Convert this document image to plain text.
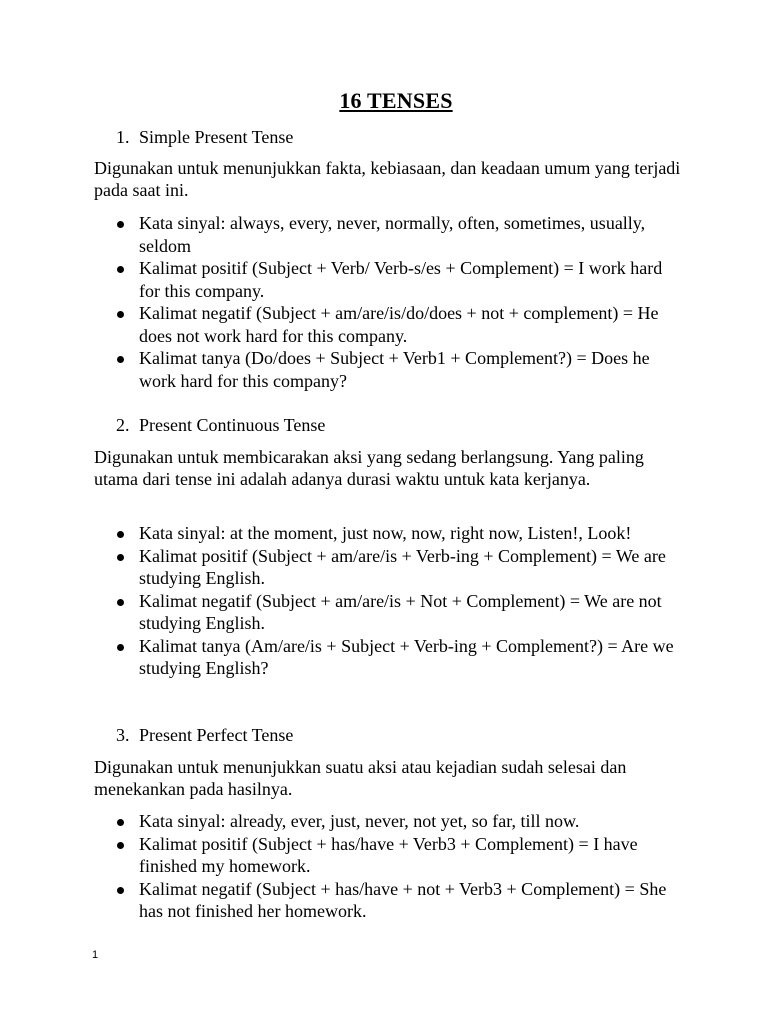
16 TENSES
1. Simple Present Tense
Digunakan untuk menunjukkan fakta, kebiasaan, dan keadaan umum yang terjadi pada saat ini.
Kata sinyal: always, every, never, normally, often, sometimes, usually, seldom
Kalimat positif (Subject + Verb/ Verb-s/es + Complement) = I work hard for this company.
Kalimat negatif (Subject + am/are/is/do/does + not + complement) = He does not work hard for this company.
Kalimat tanya (Do/does + Subject + Verb1 + Complement?) = Does he work hard for this company?
2. Present Continuous Tense
Digunakan untuk membicarakan aksi yang sedang berlangsung. Yang paling utama dari tense ini adalah adanya durasi waktu untuk kata kerjanya.
Kata sinyal: at the moment, just now, now, right now, Listen!, Look!
Kalimat positif (Subject + am/are/is + Verb-ing + Complement) = We are studying English.
Kalimat negatif (Subject + am/are/is + Not + Complement) = We are not studying English.
Kalimat tanya (Am/are/is + Subject + Verb-ing + Complement?) = Are we studying English?
3. Present Perfect Tense
Digunakan untuk menunjukkan suatu aksi atau kejadian sudah selesai dan menekankan pada hasilnya.
Kata sinyal: already, ever, just, never, not yet, so far, till now.
Kalimat positif (Subject + has/have + Verb3 + Complement) = I have finished my homework.
Kalimat negatif (Subject + has/have + not + Verb3 + Complement) = She has not finished her homework.
1
